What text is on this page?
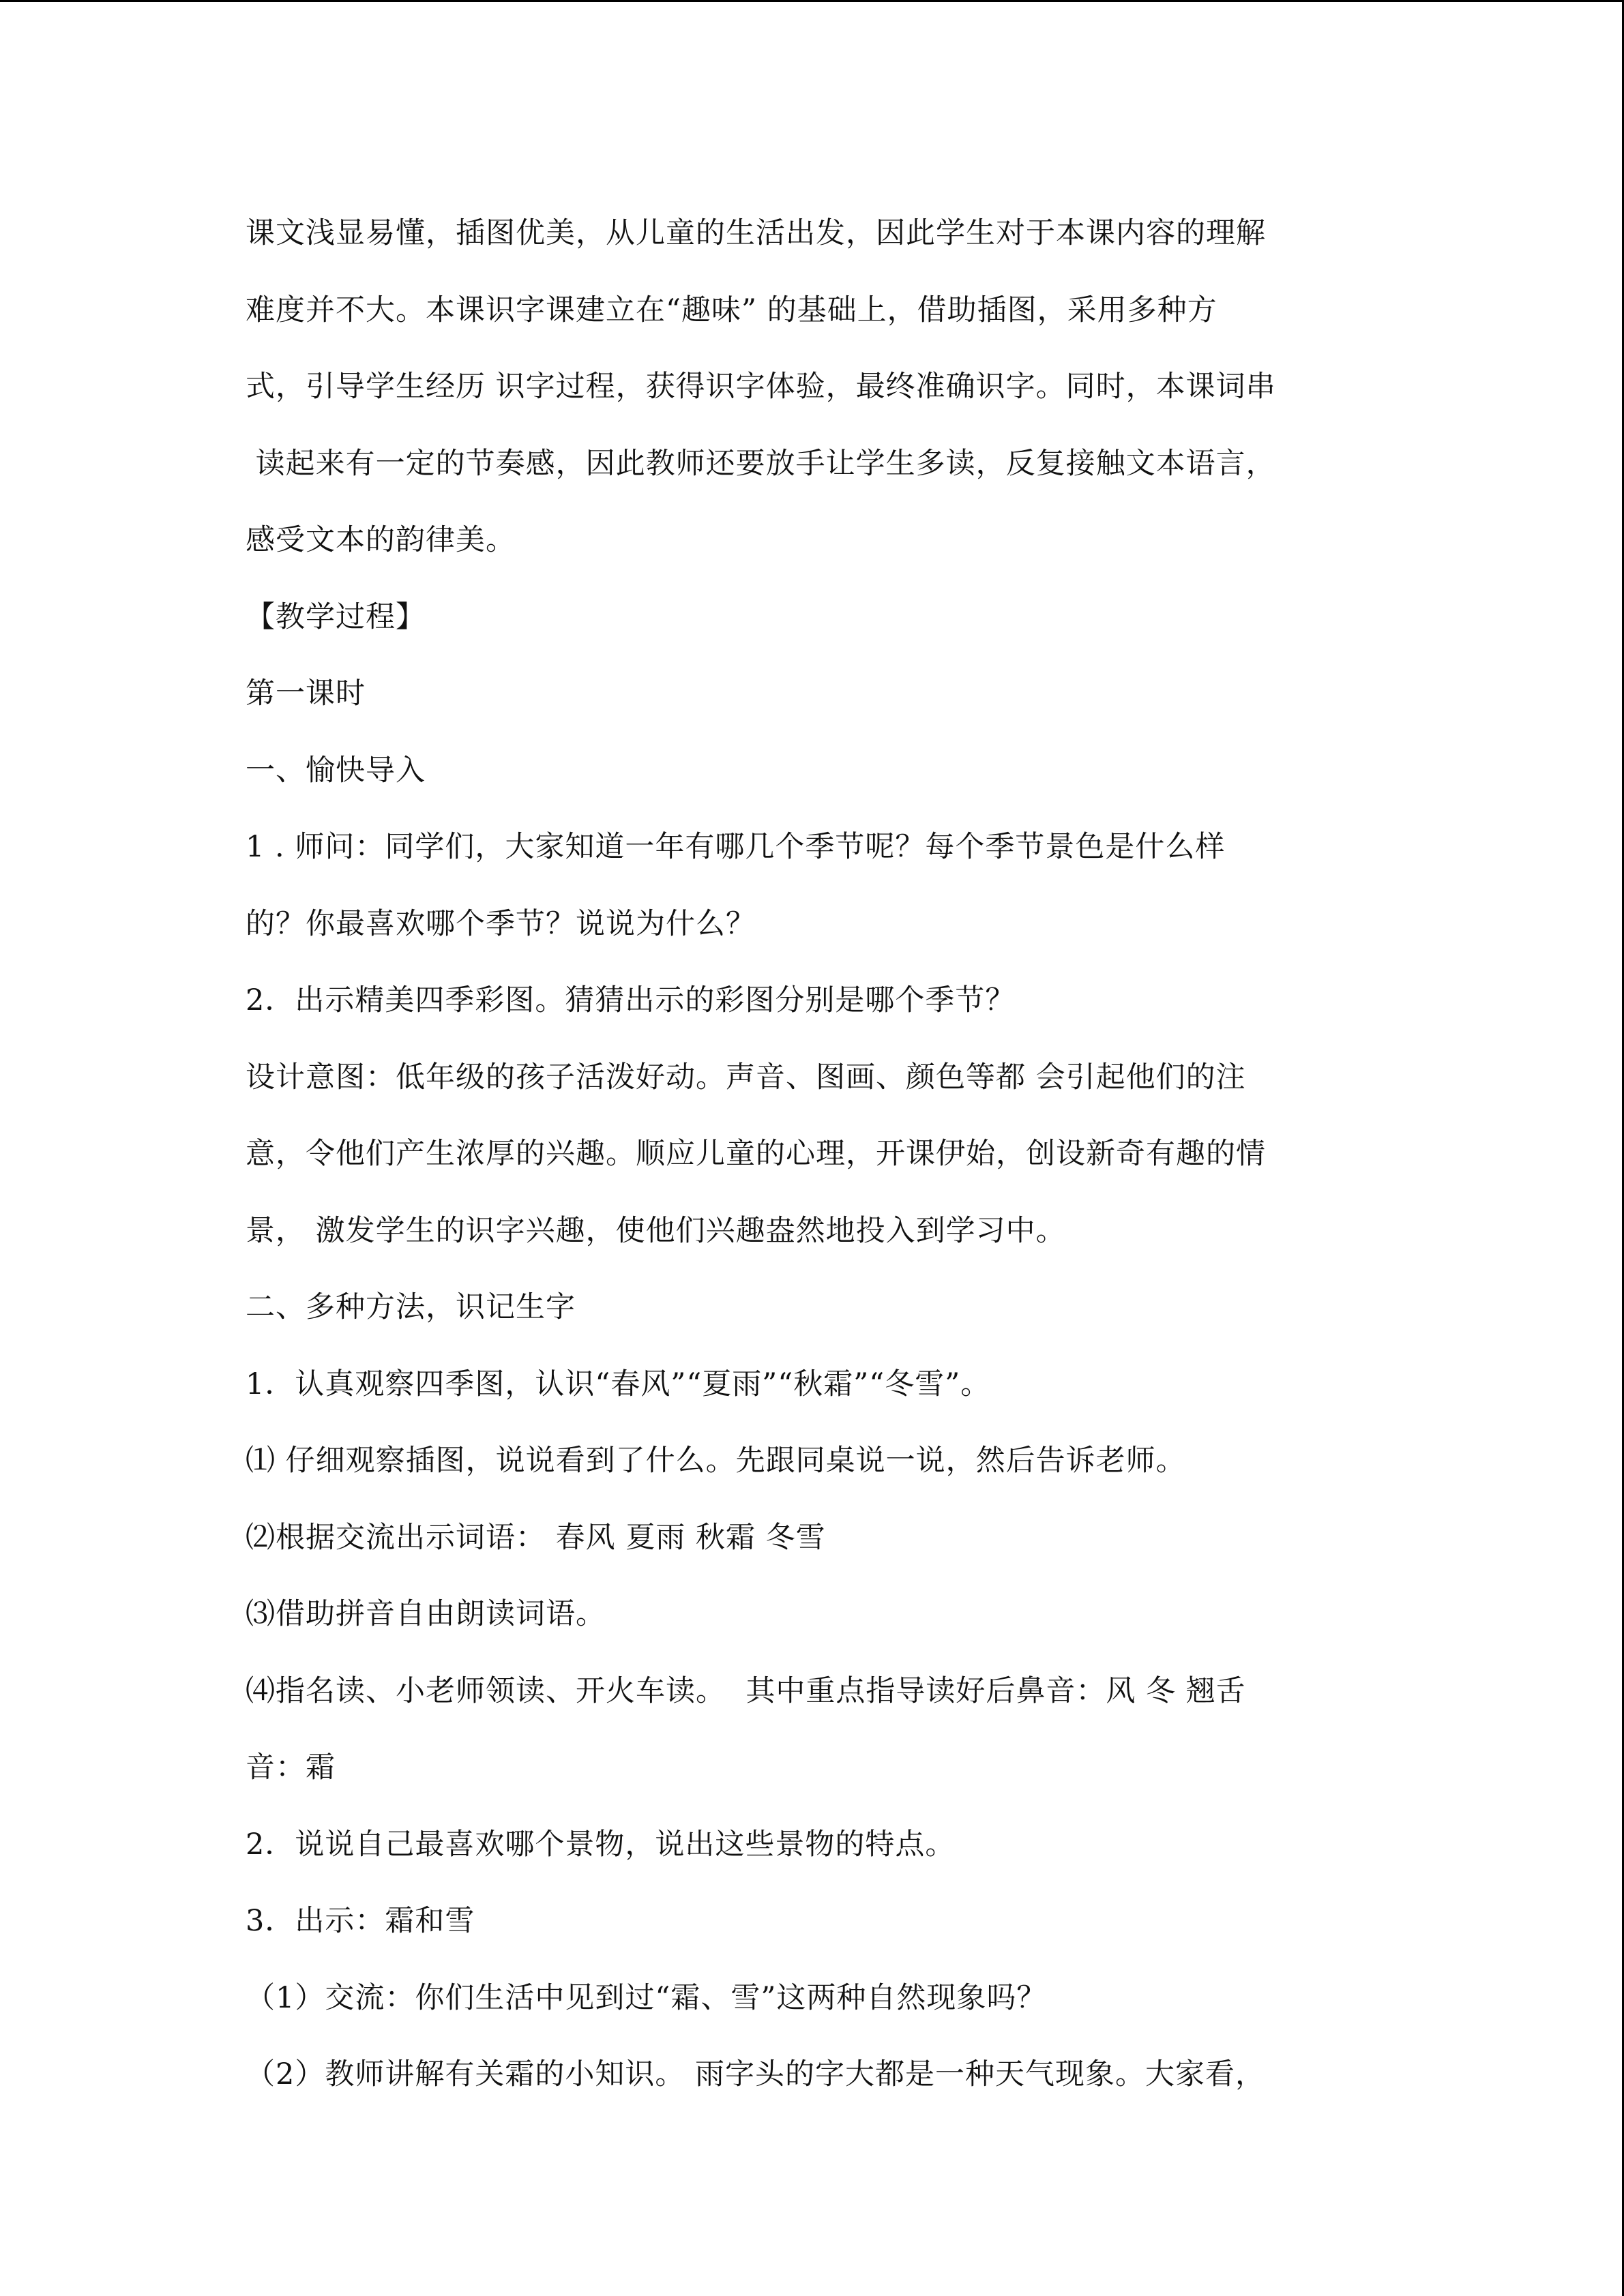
课文浅显易懂，插图优美，从儿童的生活出发，因此学生对于本课内容的理解
难度并不大。本课识字课建立在“趣味” 的基础上，借助插图，采用多种方
式，引导学生经历 识字过程，获得识字体验，最终准确识字。同时，本课词串
读起来有一定的节奏感，因此教师还要放手让学生多读，反复接触文本语言，
感受文本的韵律美。
【教学过程】
第一课时
一、愉快导入
1 . 师问：同学们，大家知道一年有哪几个季节呢？每个季节景色是什么样
的？你最喜欢哪个季节？说说为什么？
2．出示精美四季彩图。猜猜出示的彩图分别是哪个季节？
设计意图：低年级的孩子活泼好动。声音、图画、颜色等都 会引起他们的注
意，令他们产生浓厚的兴趣。顺应儿童的心理，开课伊始，创设新奇有趣的情
景， 激发学生的识字兴趣，使他们兴趣盎然地投入到学习中。
二、多种方法，识记生字
1．认真观察四季图，认识“春风”“夏雨”“秋霜”“冬雪”。
⑴ 仔细观察插图，说说看到了什么。先跟同桌说一说，然后告诉老师。
⑵根据交流出示词语： 春风 夏雨 秋霜 冬雪
⑶借助拼音自由朗读词语。
⑷指名读、小老师领读、开火车读。  其中重点指导读好后鼻音：风 冬 翘舌
音：霜
2．说说自己最喜欢哪个景物，说出这些景物的特点。
3．出示：霜和雪
（1）交流：你们生活中见到过“霜、雪”这两种自然现象吗？
（2）教师讲解有关霜的小知识。 雨字头的字大都是一种天气现象。大家看，
